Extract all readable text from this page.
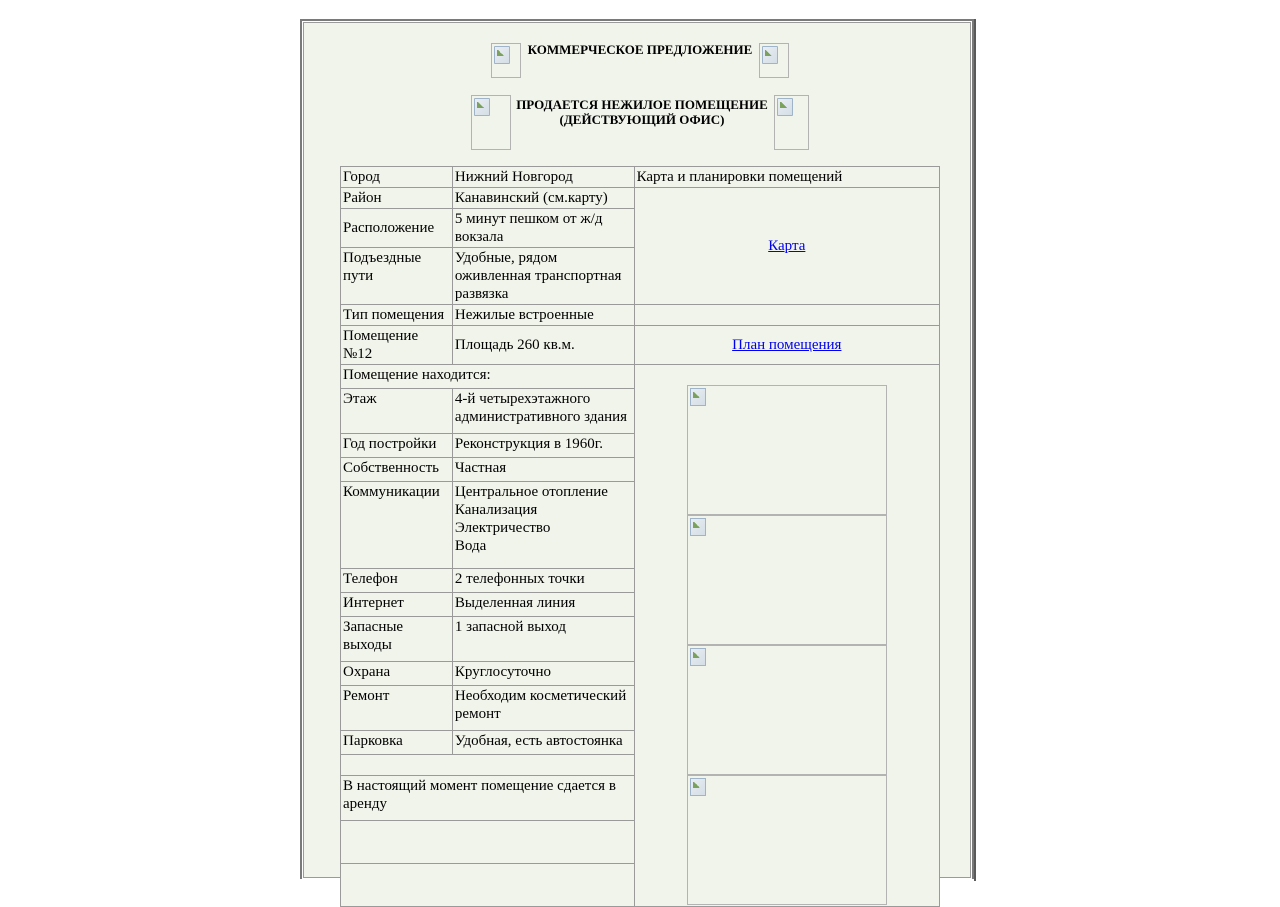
КОММЕРЧЕСКОЕ ПРЕДЛОЖЕНИЕ
ПРОДАЕТСЯ НЕЖИЛОЕ ПОМЕЩЕНИЕ
(ДЕЙСТВУЮЩИЙ ОФИС)
Город	Нижний Новгород	Карта и планировки помещений
Район	Канавинский (см.карту)	Карта
Расположение	5 минут пешком от ж/д вокзала	
Подъездные пути	Удобные, рядом оживленная транспортная развязка	
Тип помещения	Нежилые встроенные	
Помещение №12	Площадь 260 кв.м.	План помещения
Помещение находится:		

Этаж	4-й четырехэтажного административного здания	
Год постройки	Реконструкция в 1960г.	
Собственность	Частная	
Коммуникации	Центральное отопление
Канализация
Электричество
Вода	

Телефон	2 телефонных точки	
Интернет	Выделенная линия	
Запасные выходы	1 запасной выход	
Охрана	Круглосуточно	
Ремонт	Необходим косметический ремонт	
Парковка	Удобная, есть автостоянка	

В настоящий момент помещение сдается в аренду		
